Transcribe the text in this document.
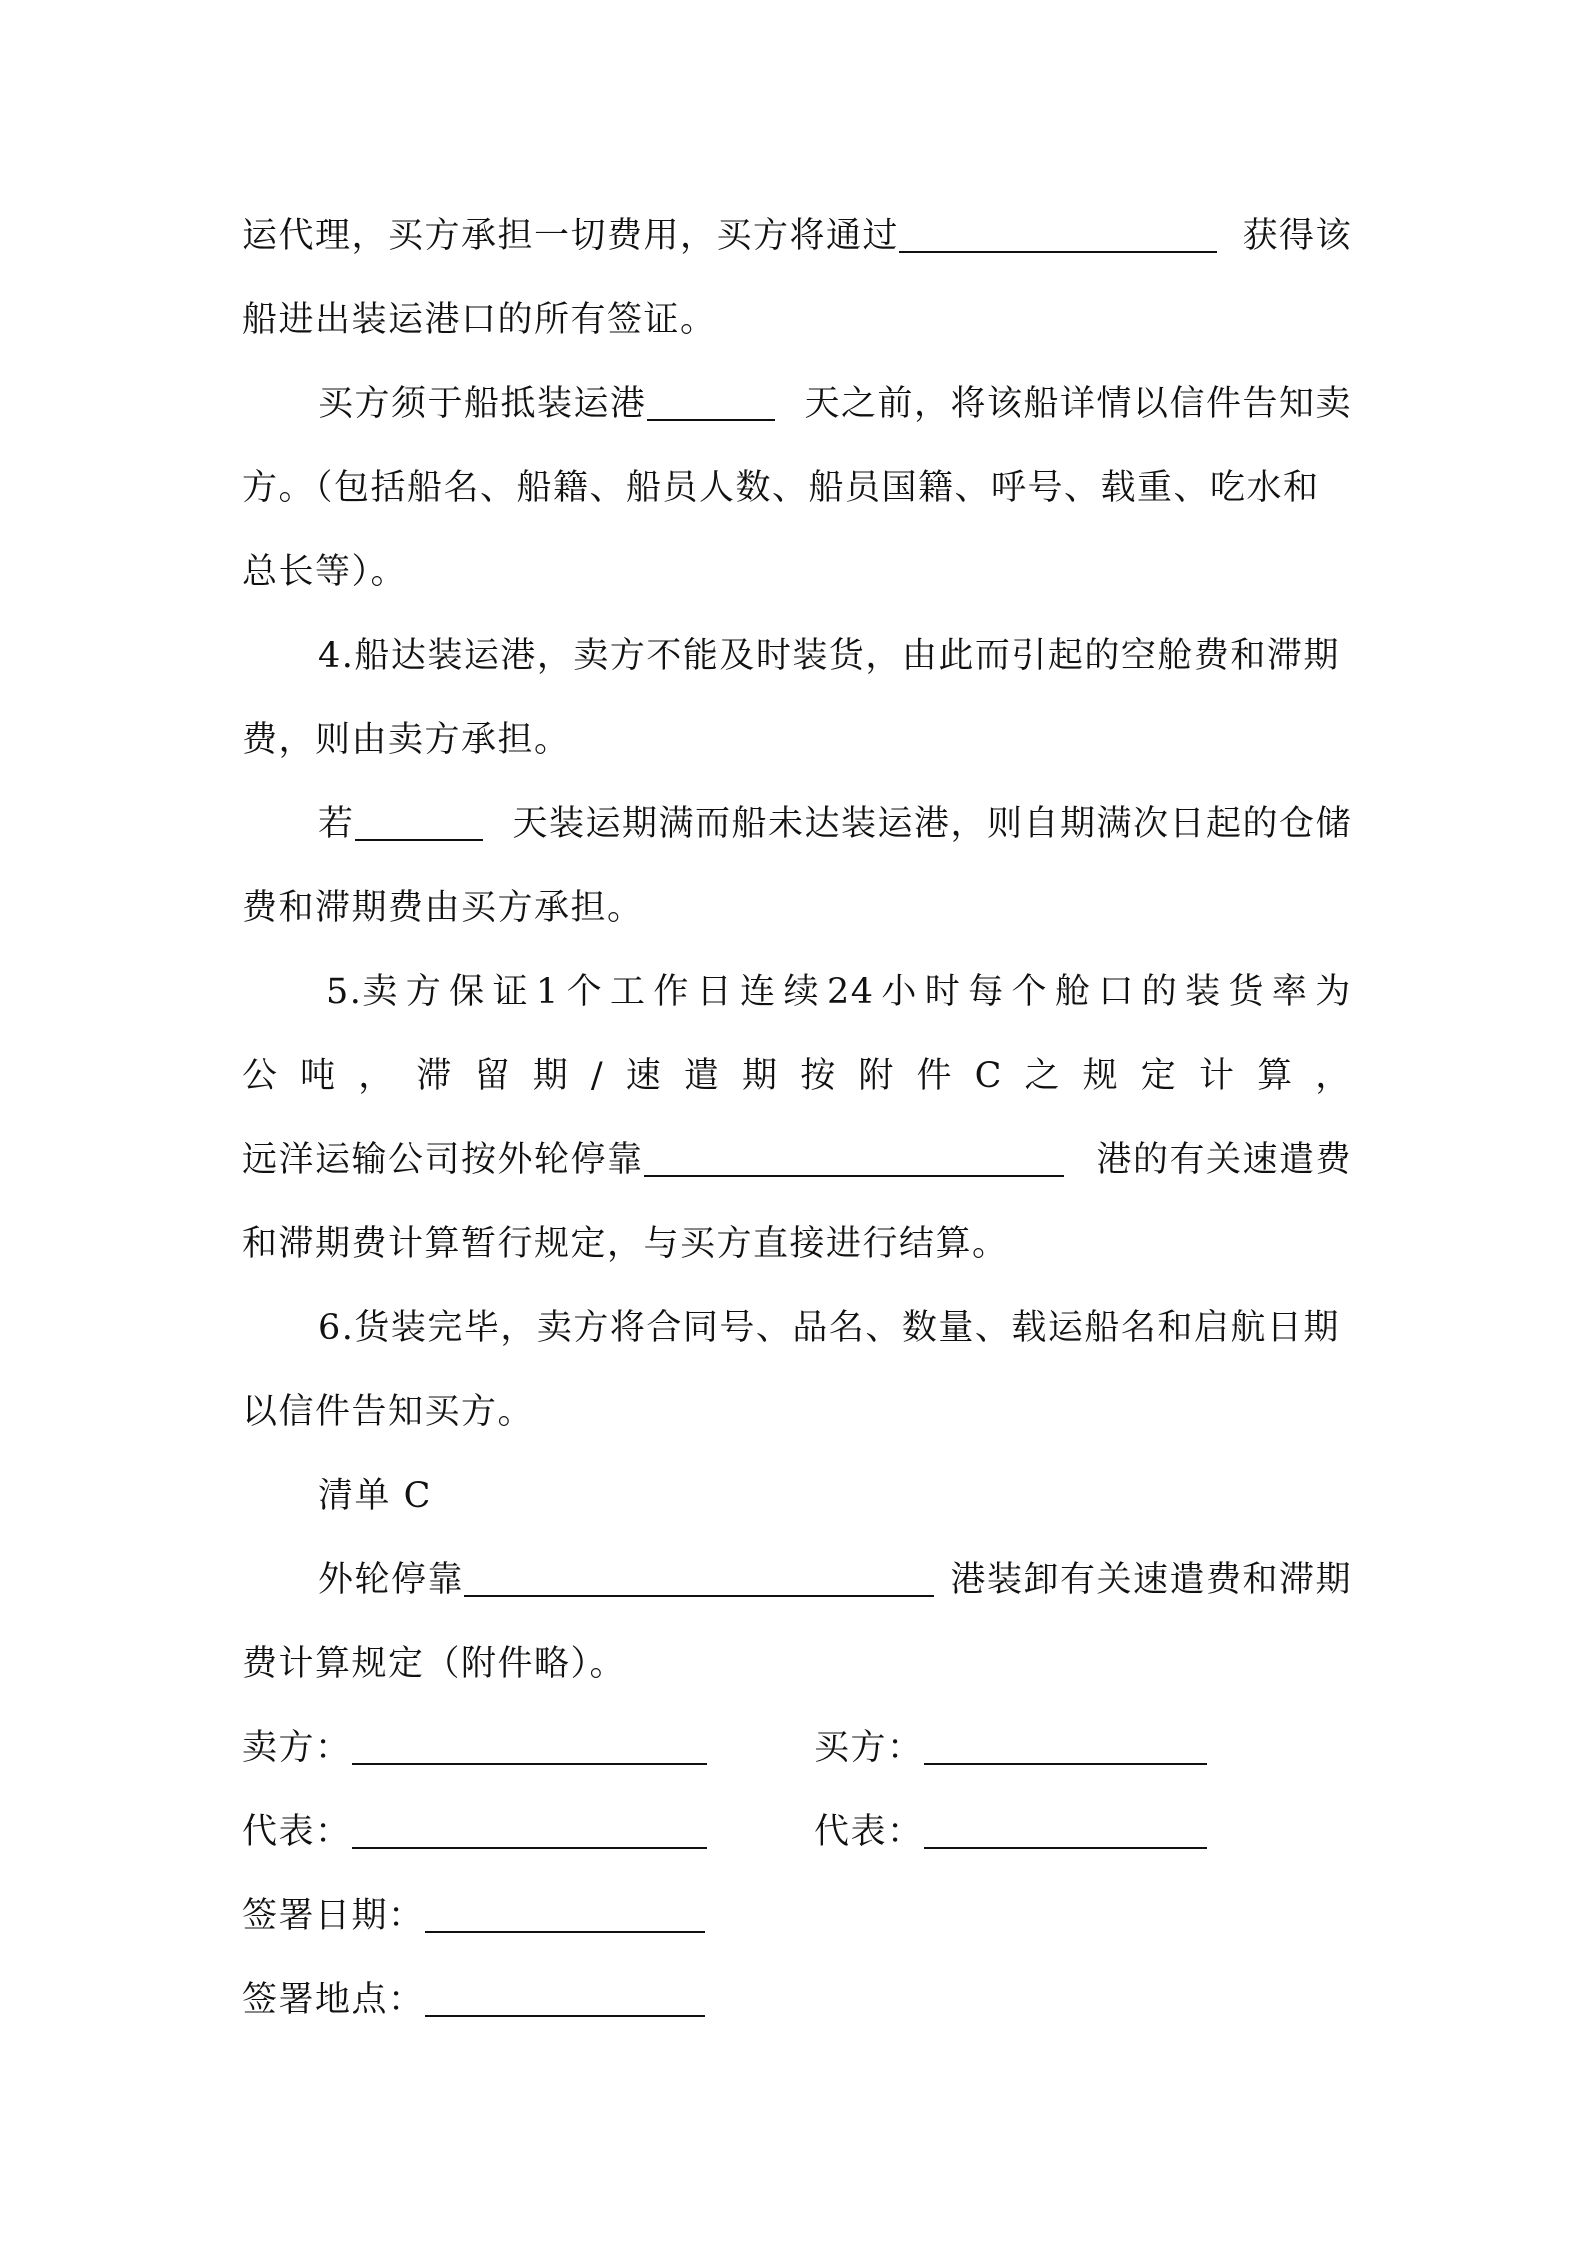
运代理，买方承担一切费用，买方将通过	获得该
船进出装运港口的所有签证。
买方须于船抵装运港	天之前，将该船详情以信件告知卖
方。（包括船名、船籍、船员人数、船员国籍、呼号、载重、吃水和
总长等）。
4.船达装运港，卖方不能及时装货，由此而引起的空舱费和滞期
费，则由卖方承担。
若	天装运期满而船未达装运港，则自期满次日起的仓储
费和滞期费由买方承担。
5.卖 方 保 证 1 个 工 作 日 连 续 24 小 时 每 个 舱 口 的 装 货 率 为
公 吨 ， 滞 留 期 / 速 遣 期 按 附 件 C 之 规 定 计 算 ，
远洋运输公司按外轮停靠	港的有关速遣费
和滞期费计算暂行规定，与买方直接进行结算。
6.货装完毕，卖方将合同号、品名、数量、载运船名和启航日期
以信件告知买方。
清单 C
外轮停靠	港装卸有关速遣费和滞期
费计算规定（附件略）。
卖方：	买方：
代表：	代表：
签署日期：
签署地点：
